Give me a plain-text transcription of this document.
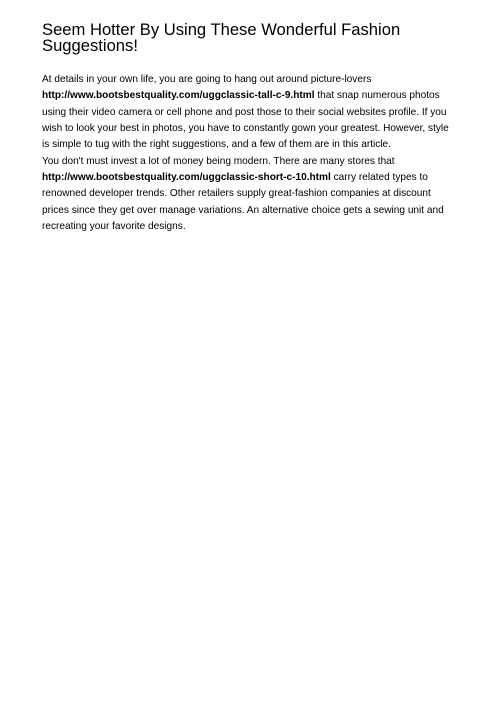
Seem Hotter By Using These Wonderful Fashion
Suggestions!

At details in your own life, you are going to hang out around picture-lovers

http://www.bootsbestquality.com/uggclassic-tall-c-9.html that snap numerous photos

using their video camera or cell phone and post those to their social websites profile. If you

wish to look your best in photos, you have to constantly gown your greatest. However, style

is simple to tug with the right suggestions, and a few of them are in this article.

You don't must invest a lot of money being modern. There are many stores that

http://www.bootsbestquality.com/uggclassic-short-c-10.html carry related types to

renowned developer trends. Other retailers supply great-fashion companies at discount

prices since they get over manage variations. An alternative choice gets a sewing unit and

recreating your favorite designs.
